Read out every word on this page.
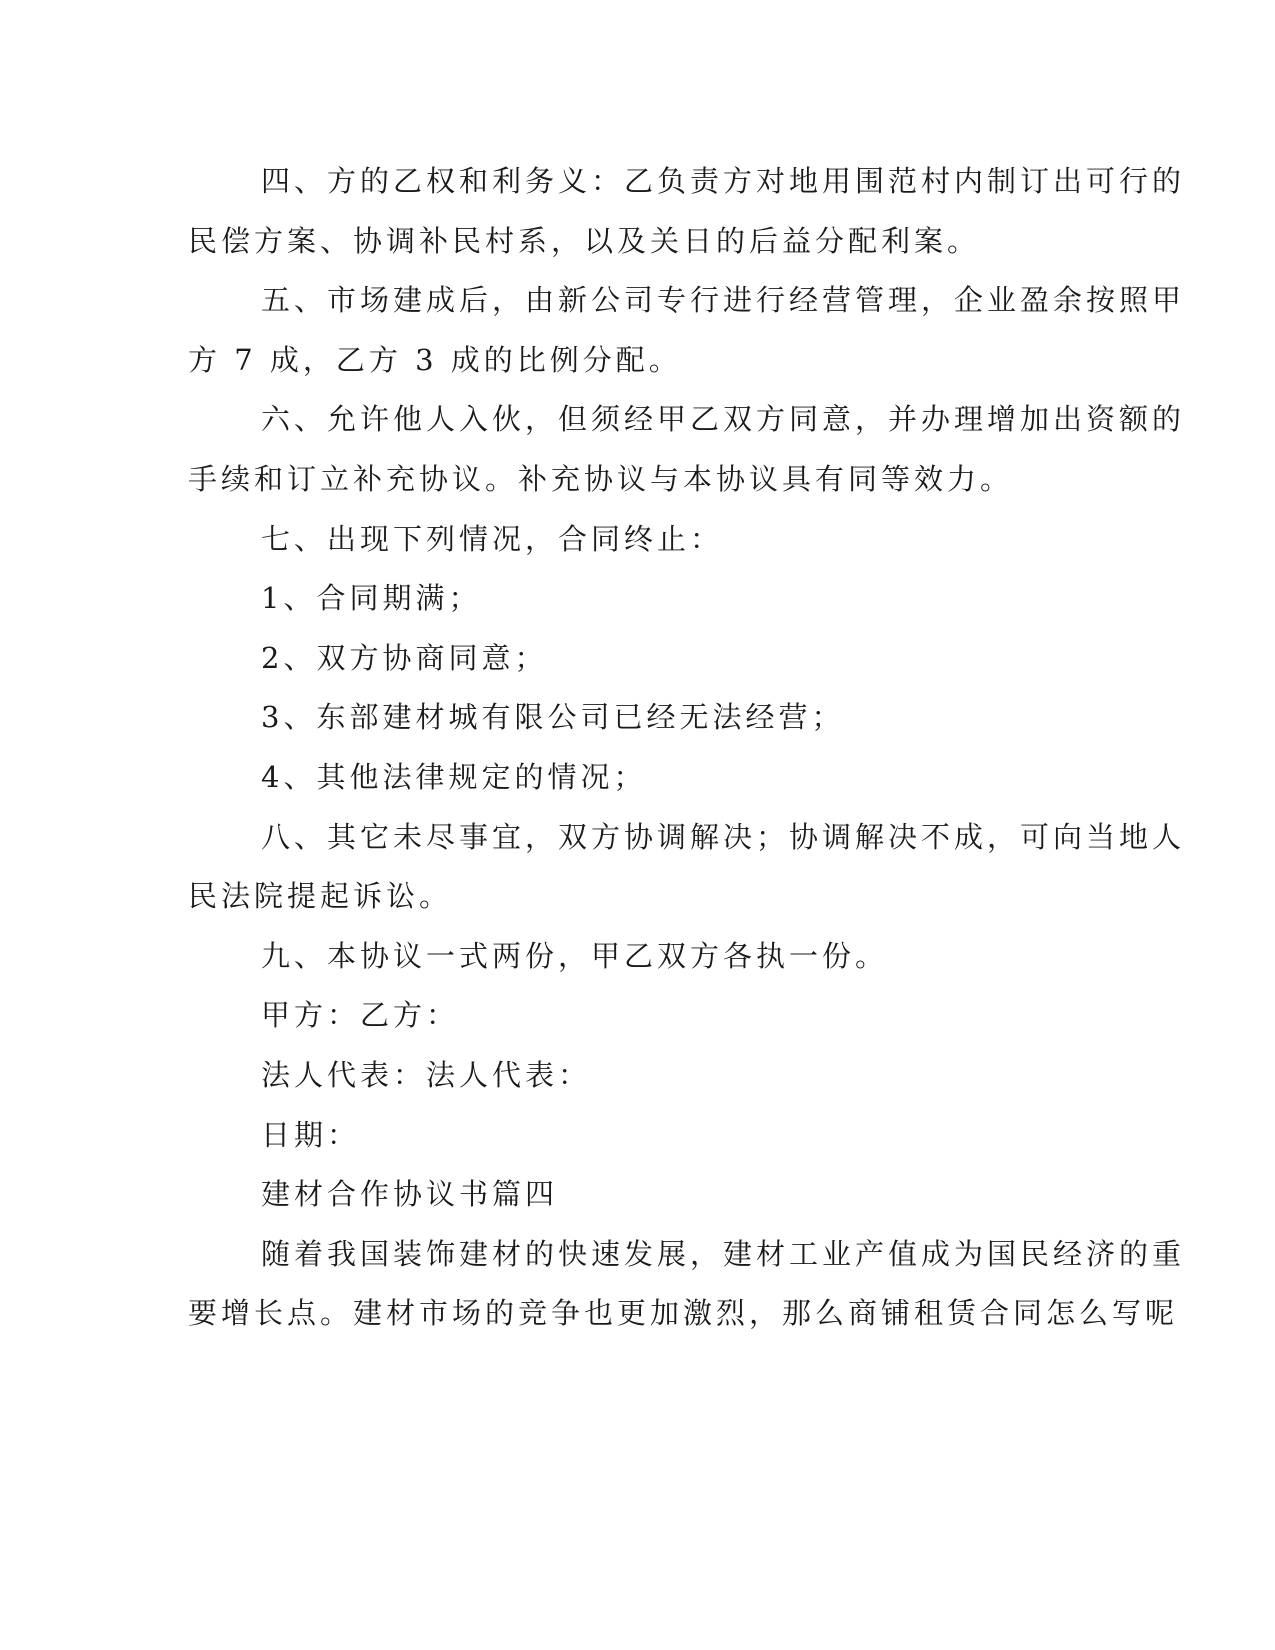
四、方的乙权和利务义：乙负责方对地用围范村内制订出可行的
民偿方案、协调补民村系，以及关日的后益分配利案。
五、市场建成后，由新公司专行进行经营管理，企业盈余按照甲
方 7 成，乙方 3 成的比例分配。
六、允许他人入伙，但须经甲乙双方同意，并办理增加出资额的
手续和订立补充协议。补充协议与本协议具有同等效力。
七、出现下列情况，合同终止：
1、合同期满；
2、双方协商同意；
3、东部建材城有限公司已经无法经营；
4、其他法律规定的情况；
八、其它未尽事宜，双方协调解决；协调解决不成，可向当地人
民法院提起诉讼。
九、本协议一式两份，甲乙双方各执一份。
甲方：乙方：
法人代表：法人代表：
日期：
建材合作协议书篇四
随着我国装饰建材的快速发展，建材工业产值成为国民经济的重
要增长点。建材市场的竞争也更加激烈，那么商铺租赁合同怎么写呢
